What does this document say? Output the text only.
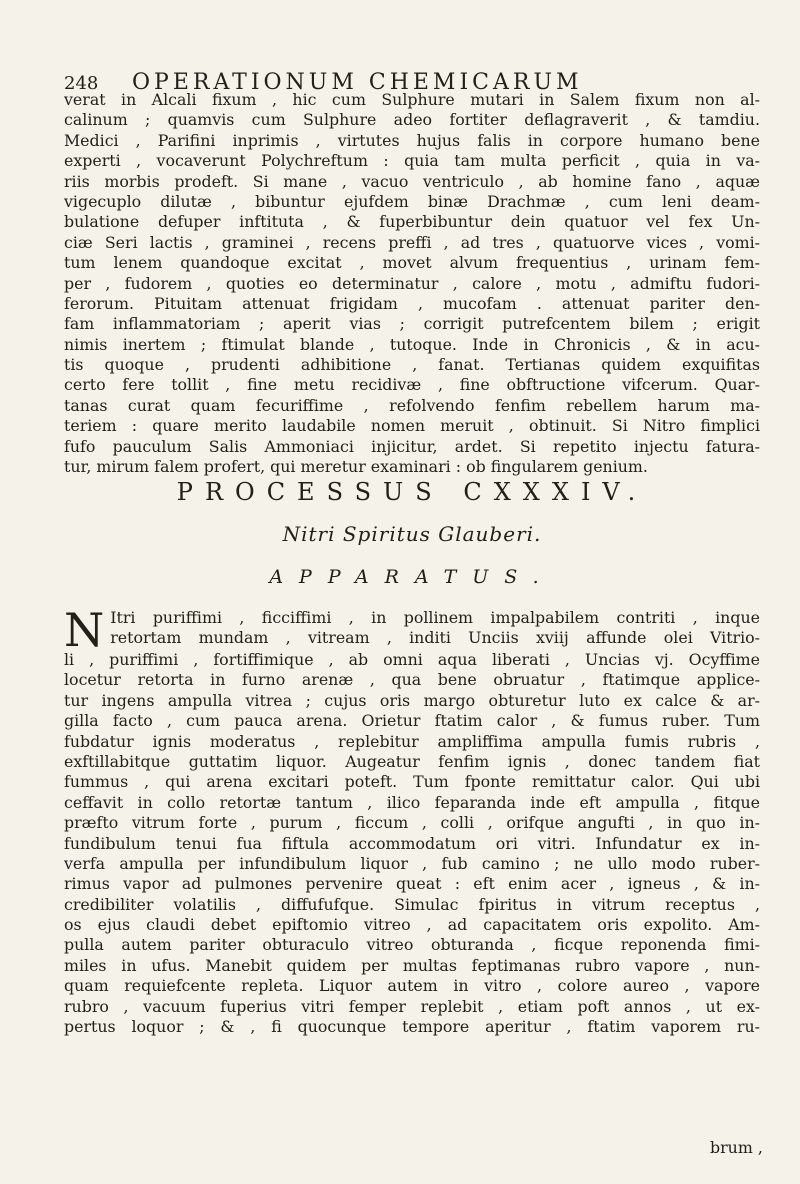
248	OPERATIONUM CHEMICARUM
verat in Alcali fixum , hic cum Sulphure mutari in Salem fixum non al-
calinum ; quamvis cum Sulphure adeo fortiter deflagraverit , & tamdiu.
Medici , Parifini inprimis , virtutes hujus falis in corpore humano bene
experti , vocaverunt Polychreftum : quia tam multa perficit , quia in va-
riis morbis prodeft. Si mane , vacuo ventriculo , ab homine fano , aquæ
vigecuplo dilutæ , bibuntur ejufdem binæ Drachmæ , cum leni deam-
bulatione defuper inftituta , & fuperbibuntur dein quatuor vel fex Un-
ciæ Seri lactis , graminei , recens preffi , ad tres , quatuorve vices , vomi-
tum lenem quandoque excitat , movet alvum frequentius , urinam fem-
per , fudorem , quoties eo determinatur , calore , motu , admiftu fudori-
ferorum. Pituitam attenuat frigidam , mucofam . attenuat pariter den-
fam inflammatoriam ; aperit vias ; corrigit putrefcentem bilem ; erigit
nimis inertem ; ftimulat blande , tutoque. Inde in Chronicis , & in acu-
tis quoque , prudenti adhibitione , fanat. Tertianas quidem exquifitas
certo fere tollit , fine metu recidivæ , fine obftructione vifcerum. Quar-
tanas curat quam fecuriffime , refolvendo fenfim rebellem harum ma-
teriem : quare merito laudabile nomen meruit , obtinuit. Si Nitro fimplici
fufo pauculum Salis Ammoniaci injicitur, ardet. Si repetito injectu fatura-
tur, mirum falem profert, qui meretur examinari : ob fingularem genium.
PROCESSUS CXXXIV.
Nitri Spiritus Glauberi.
APPARATUS.
N Itri puriffimi , ficciffimi , in pollinem impalpabilem contriti , inque
retortam mundam , vitream , inditi Unciis xviij affunde olei Vitrio-
li , puriffimi , fortiffimique , ab omni aqua liberati , Uncias vj. Ocyffime
locetur retorta in furno arenæ , qua bene obruatur , ftatimque applice-
tur ingens ampulla vitrea ; cujus oris margo obturetur luto ex calce & ar-
gilla facto , cum pauca arena. Orietur ftatim calor , & fumus ruber. Tum
fubdatur ignis moderatus , replebitur ampliffima ampulla fumis rubris ,
exftillabitque guttatim liquor. Augeatur fenfim ignis , donec tandem fiat
fummus , qui arena excitari poteft. Tum fponte remittatur calor. Qui ubi
ceffavit in collo retortæ tantum , ilico feparanda inde eft ampulla , fitque
præfto vitrum forte , purum , ficcum , colli , orifque angufti , in quo in-
fundibulum tenui fua fiftula accommodatum ori vitri. Infundatur ex in-
verfa ampulla per infundibulum liquor , fub camino ; ne ullo modo ruber-
rimus vapor ad pulmones pervenire queat : eft enim acer , igneus , & in-
credibiliter volatilis , diffufufque. Simulac fpiritus in vitrum receptus ,
os ejus claudi debet epiftomio vitreo , ad capacitatem oris expolito. Am-
pulla autem pariter obturaculo vitreo obturanda , ficque reponenda fimi-
miles in ufus. Manebit quidem per multas feptimanas rubro vapore , nun-
quam requiefcente repleta. Liquor autem in vitro , colore aureo , vapore
rubro , vacuum fuperius vitri femper replebit , etiam poft annos , ut ex-
pertus loquor ; & , fi quocunque tempore aperitur , ftatim vaporem ru-
brum ,
